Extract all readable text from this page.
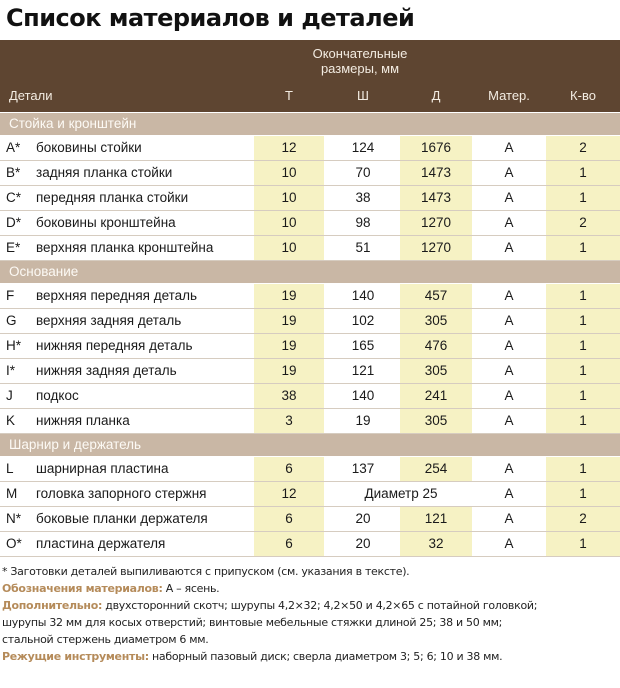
Список материалов и деталей
Окончательные
размеры, мм
Детали	Т	Ш	Д	Матер.	К-во
Стойка и кронштейн
A*	боковины стойки	12	124	1676	A	2
B*	задняя планка стойки	10	70	1473	A	1
C*	передняя планка стойки	10	38	1473	A	1
D*	боковины кронштейна	10	98	1270	A	2
E*	верхняя планка кронштейна	10	51	1270	A	1
Основание
F	верхняя передняя деталь	19	140	457	A	1
G	верхняя задняя деталь	19	102	305	A	1
H*	нижняя передняя деталь	19	165	476	A	1
I*	нижняя задняя деталь	19	121	305	A	1
J	подкос	38	140	241	A	1
K	нижняя планка	3	19	305	A	1
Шарнир и держатель
L	шарнирная пластина	6	137	254	A	1
M	головка запорного стержня	12	Диаметр 25	A	1
N*	боковые планки держателя	6	20	121	A	2
O*	пластина держателя	6	20	32	A	1
* Заготовки деталей выпиливаются с припуском (см. указания в тексте).
Обозначения материалов: A – ясень.
Дополнительно: двухсторонний скотч; шурупы 4,2×32; 4,2×50 и 4,2×65 с потайной головкой;
шурупы 32 мм для косых отверстий; винтовые мебельные стяжки длиной 25; 38 и 50 мм;
стальной стержень диаметром 6 мм.
Режущие инструменты: наборный пазовый диск; сверла диаметром 3; 5; 6; 10 и 38 мм.
